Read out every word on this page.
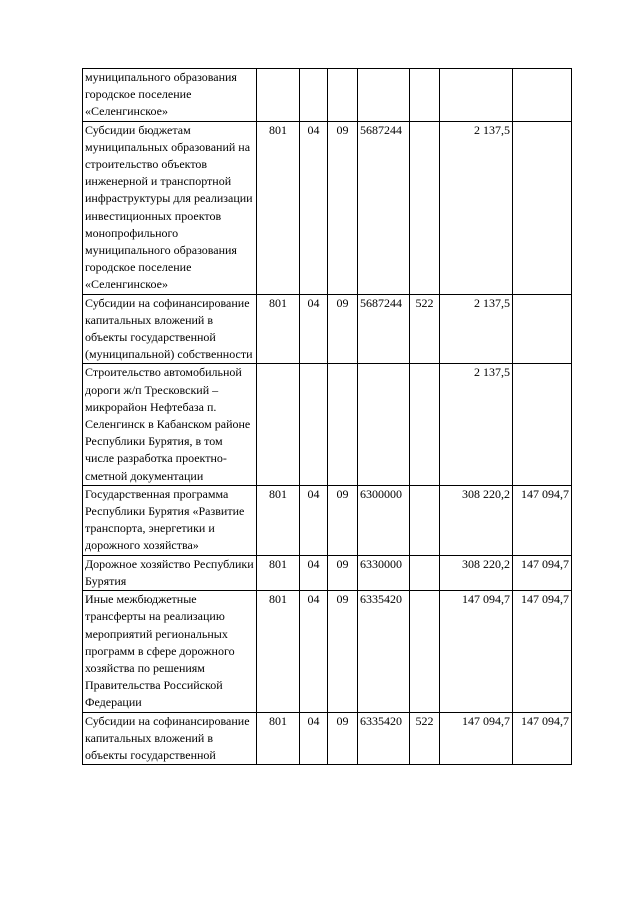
муниципального образования городское поселение «Селенгинское»							
Субсидии бюджетам муниципальных образований на строительство объектов инженерной и транспортной инфраструктуры для реализации инвестиционных проектов монопрофильного муниципального образования городское поселение «Селенгинское»	801	04	09	5687244		2 137,5	
Субсидии на софинансирование капитальных вложений в объекты государственной (муниципальной) собственности	801	04	09	5687244	522	2 137,5	
Строительство автомобильной дороги ж/п Тресковский – микрорайон Нефтебаза п. Селенгинск в Кабанском районе Республики Бурятия, в том числе разработка проектно-сметной документации						2 137,5	
Государственная программа Республики Бурятия «Развитие транспорта, энергетики и дорожного хозяйства»	801	04	09	6300000		308 220,2	147 094,7
Дорожное хозяйство Республики Бурятия	801	04	09	6330000		308 220,2	147 094,7
Иные межбюджетные трансферты на реализацию мероприятий региональных программ в сфере дорожного хозяйства по решениям Правительства Российской Федерации	801	04	09	6335420		147 094,7	147 094,7
Субсидии на софинансирование капитальных вложений в объекты государственной	801	04	09	6335420	522	147 094,7	147 094,7
